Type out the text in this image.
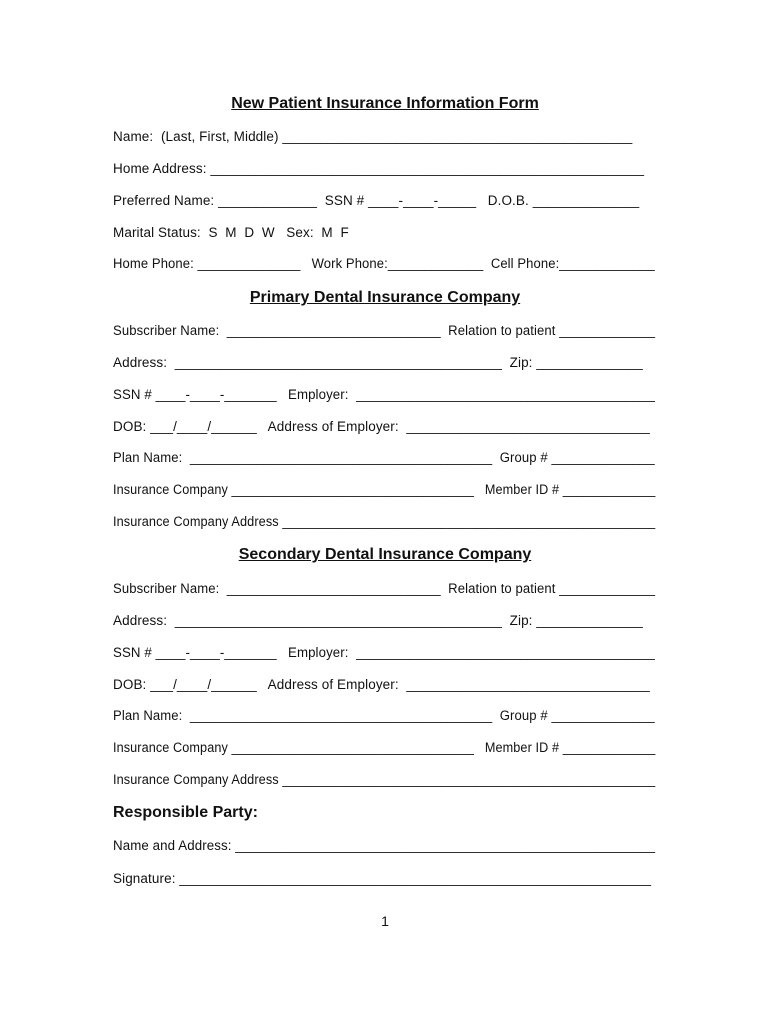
New Patient Insurance Information Form
Name:  (Last, First, Middle) ______________________________________________
Home Address: _________________________________________________________
Preferred Name: _____________  SSN # ____-____-_____   D.O.B. ______________
Marital Status:  S  M  D  W   Sex:  M  F
Home Phone: ______________   Work Phone:_____________  Cell Phone:_____________
Primary Dental Insurance Company
Subscriber Name:  _____________________________  Relation to patient _____________
Address:  ___________________________________________  Zip: ______________
SSN # ____-____-_______   Employer:  ________________________________________
DOB: ___/____/______   Address of Employer:  ________________________________
Plan Name:  _________________________________________  Group # ______________
Insurance Company __________________________________   Member ID # _____________
Insurance Company Address ____________________________________________________
Secondary Dental Insurance Company
Subscriber Name:  _____________________________  Relation to patient _____________
Address:  ___________________________________________  Zip: ______________
SSN # ____-____-_______   Employer:  ________________________________________
DOB: ___/____/______   Address of Employer:  ________________________________
Plan Name:  _________________________________________  Group # ______________
Insurance Company __________________________________   Member ID # _____________
Insurance Company Address ____________________________________________________
Responsible Party:
Name and Address: ________________________________________________________
Signature: ______________________________________________________________
1
